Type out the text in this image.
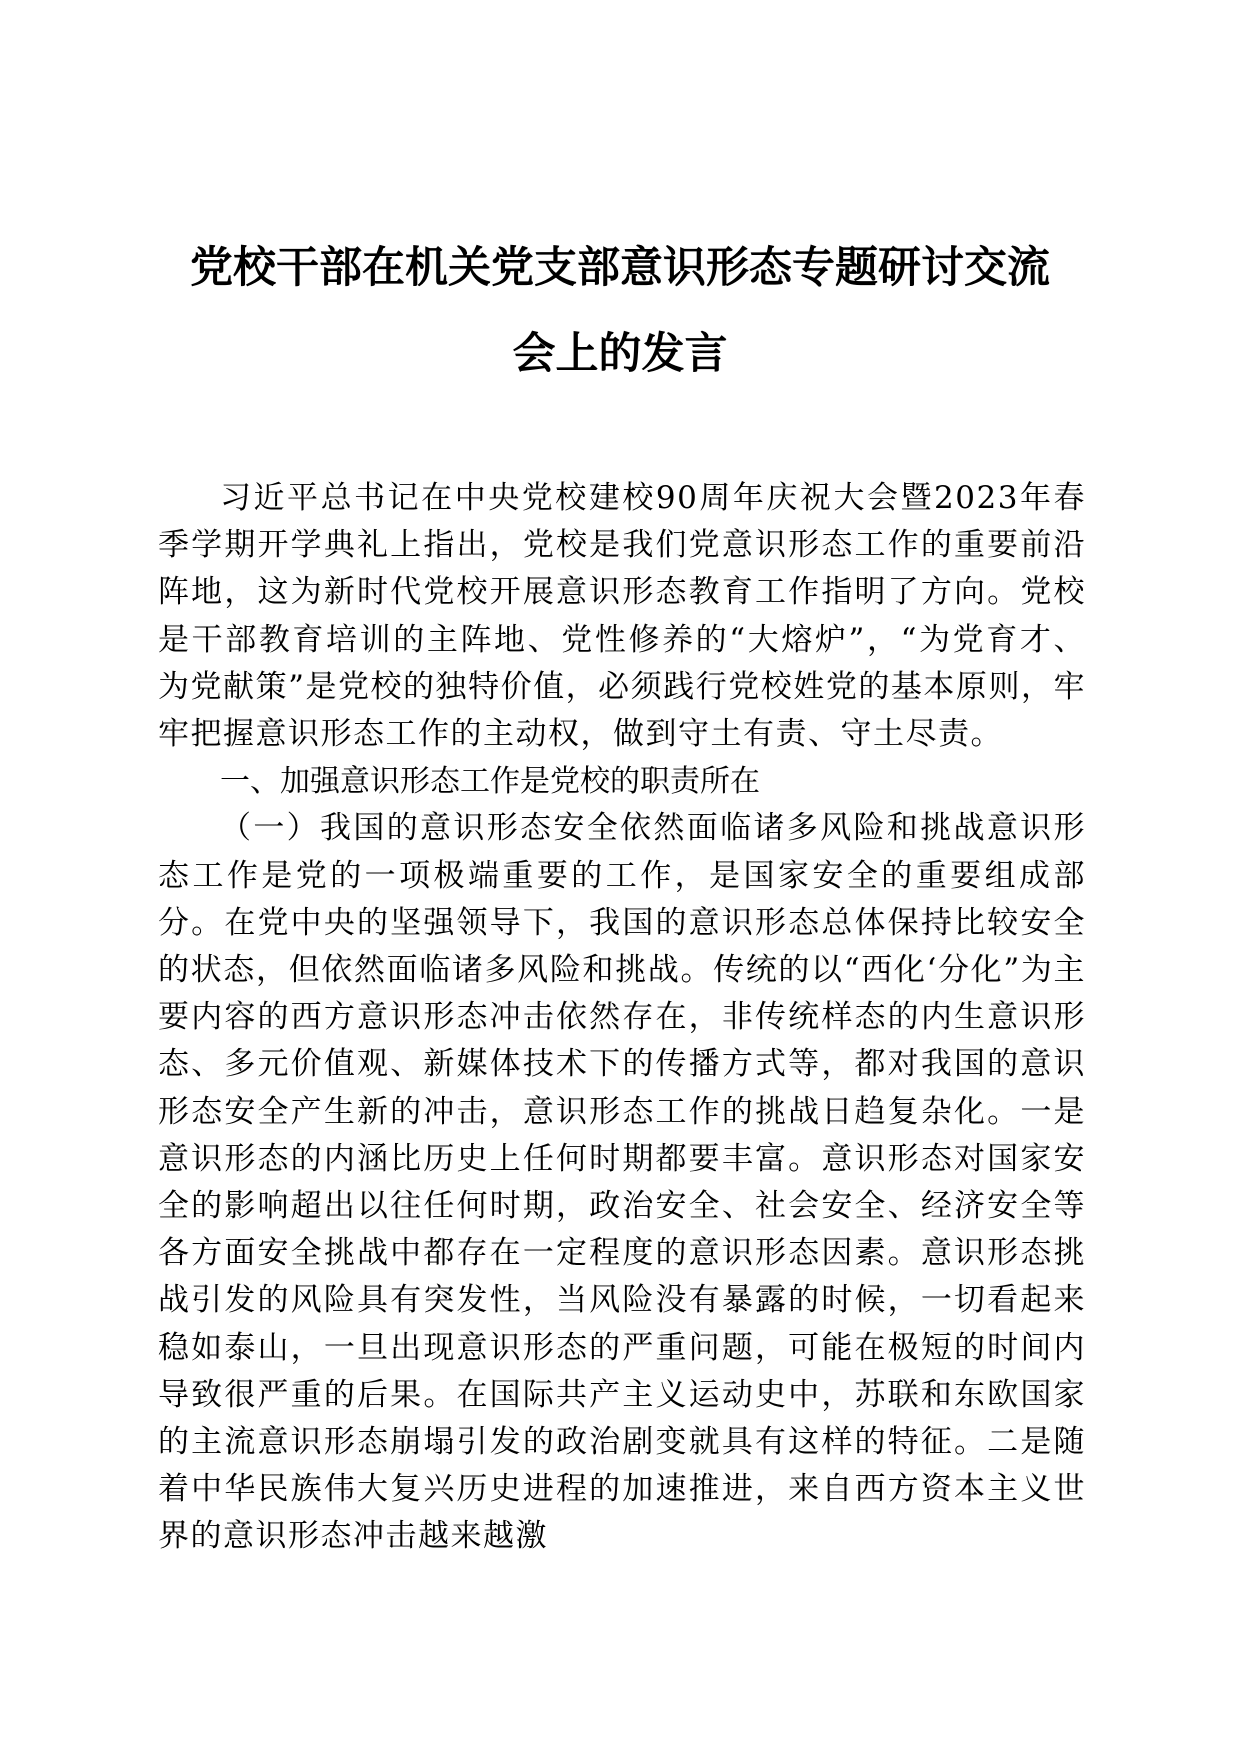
党校干部在机关党支部意识形态专题研讨交流
会上的发言

习近平总书记在中央党校建校90周年庆祝大会暨2023年春季学期开学典礼上指出，党校是我们党意识形态工作的重要前沿阵地，这为新时代党校开展意识形态教育工作指明了方向。党校是干部教育培训的主阵地、党性修养的“大熔炉”，“为党育才、为党献策”是党校的独特价值，必须践行党校姓党的基本原则，牢牢把握意识形态工作的主动权，做到守土有责、守土尽责。

一、加强意识形态工作是党校的职责所在

（一）我国的意识形态安全依然面临诸多风险和挑战意识形态工作是党的一项极端重要的工作，是国家安全的重要组成部分。在党中央的坚强领导下，我国的意识形态总体保持比较安全的状态，但依然面临诸多风险和挑战。传统的以“西化‘分化”为主要内容的西方意识形态冲击依然存在，非传统样态的内生意识形态、多元价值观、新媒体技术下的传播方式等，都对我国的意识形态安全产生新的冲击，意识形态工作的挑战日趋复杂化。一是意识形态的内涵比历史上任何时期都要丰富。意识形态对国家安全的影响超出以往任何时期，政治安全、社会安全、经济安全等各方面安全挑战中都存在一定程度的意识形态因素。意识形态挑战引发的风险具有突发性，当风险没有暴露的时候，一切看起来稳如泰山，一旦出现意识形态的严重问题，可能在极短的时间内导致很严重的后果。在国际共产主义运动史中，苏联和东欧国家的主流意识形态崩塌引发的政治剧变就具有这样的特征。二是随着中华民族伟大复兴历史进程的加速推进，来自西方资本主义世界的意识形态冲击越来越激
